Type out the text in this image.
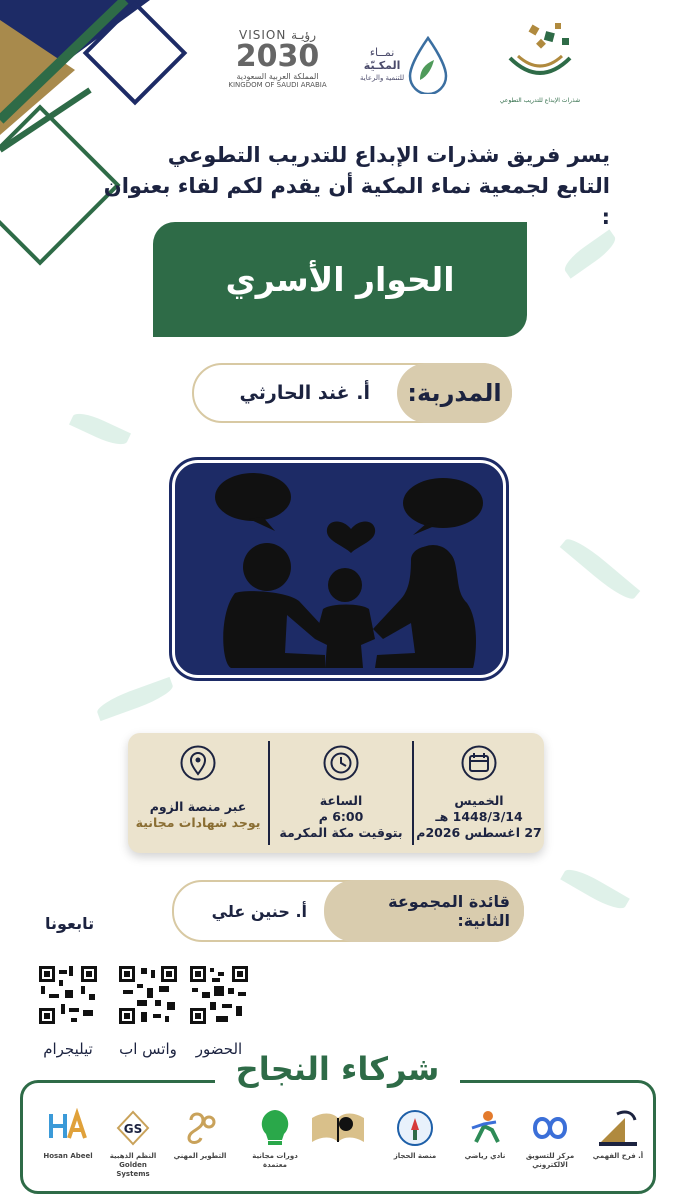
VISION رؤيـة
2030
المملكة العربية السعودية
KINGDOM OF SAUDI ARABIA
نمــاء
المكـيّة
للتنمية والرعاية
شذرات الإبداع للتدريب التطوعي
يسر فريق شذرات الإبداع للتدريب التطوعي
التابع لجمعية نماء المكية أن يقدم لكم لقاء بعنوان :
الحوار الأسري
المدربة:
أ. غند الحارثي
الخميس
1448/3/14 هـ
27 اغسطس 2026م
الساعة
6:00 م
بتوقيت مكة المكرمة
عبر منصة الزوم
يوجد شهادات مجانية
قائدة المجموعة الثانية:
أ. حنين علي
تابعونا
الحضور
واتس اب
تيليجرام
شركاء النجاح
أ. فرح الفهمي
مركز للتسويق الالكتروني
نادي رياضي
منصة الحجاز
دورات مجانية معتمدة
التطوير المهني
GS
النظم الذهبية Golden Systems
Hosan Abeel
